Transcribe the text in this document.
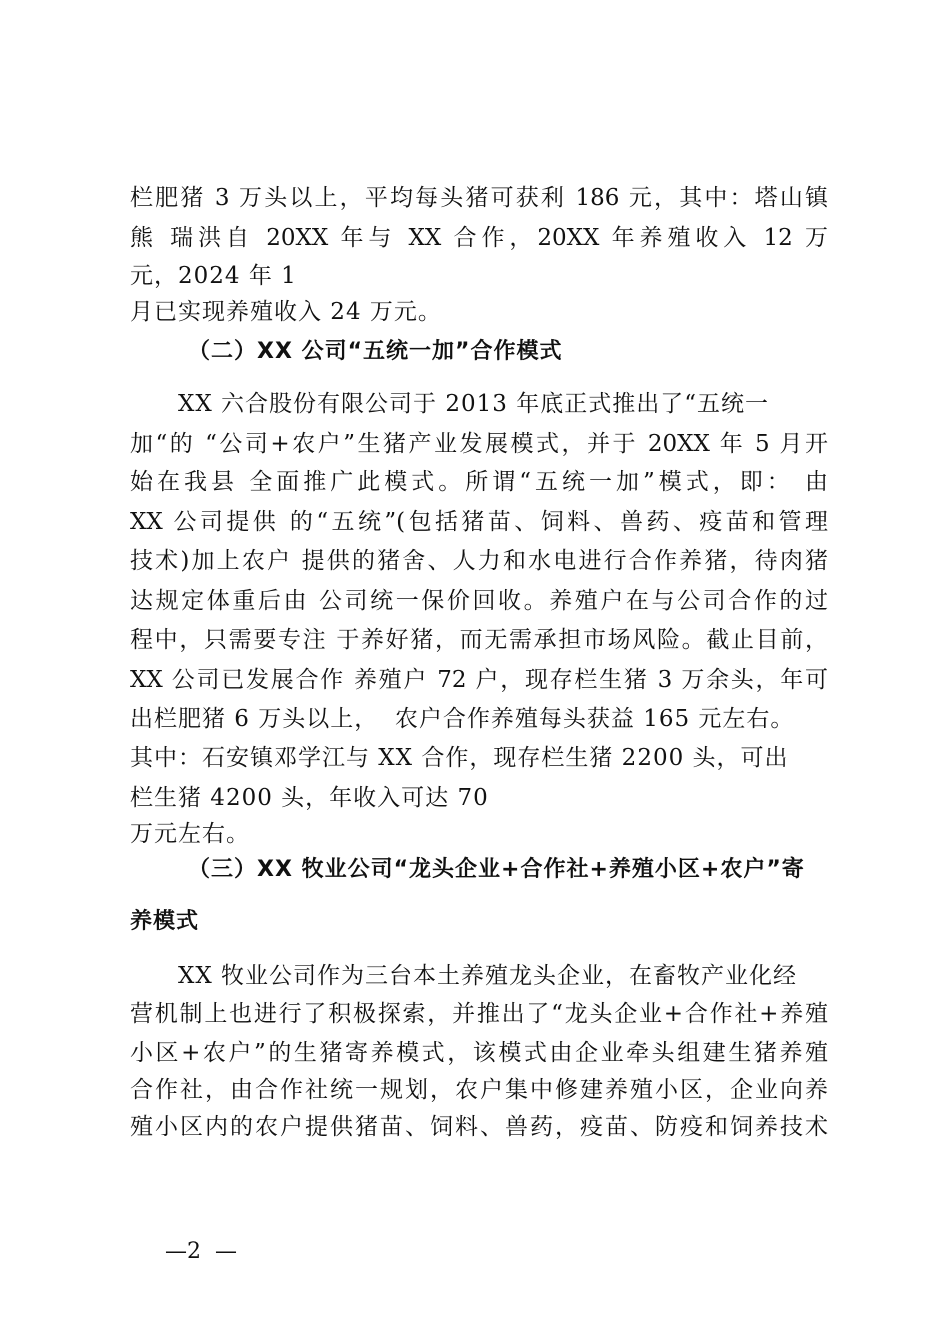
栏肥猪 3 万头以上，平均每头猪可获利 186 元，其中：塔山镇
熊 瑞洪自 20XX 年与 XX 合作，20XX 年养殖收入 12 万
元，2024 年 1
月已实现养殖收入 24 万元。
（二）XX 公司“五统一加”合作模式
XX 六合股份有限公司于 2013 年底正式推出了“五统一
加“的 “公司+农户”生猪产业发展模式，并于 20XX 年 5 月开
始在我县 全面推广此模式。所谓“五统一加”模式，即： 由
XX 公司提供 的“五统”(包括猪苗、饲料、兽药、疫苗和管理
技术)加上农户 提供的猪舍、人力和水电进行合作养猪，待肉猪
达规定体重后由 公司统一保价回收。养殖户在与公司合作的过
程中，只需要专注 于养好猪，而无需承担市场风险。截止目前，
XX 公司已发展合作 养殖户 72 户，现存栏生猪 3 万余头，年可
出栏肥猪 6 万头以上，  农户合作养殖每头获益 165 元左右。
其中：石安镇邓学江与 XX 合作，现存栏生猪 2200 头，可出
栏生猪 4200 头，年收入可达 70
万元左右。
（三）XX 牧业公司“龙头企业+合作社+养殖小区+农户”寄
养模式
XX 牧业公司作为三台本土养殖龙头企业，在畜牧产业化经
营机制上也进行了积极探索，并推出了“龙头企业+合作社+养殖
小区+农户”的生猪寄养模式，该模式由企业牵头组建生猪养殖
合作社，由合作社统一规划，农户集中修建养殖小区，企业向养
殖小区内的农户提供猪苗、饲料、兽药，疫苗、防疫和饲养技术
—2  —
